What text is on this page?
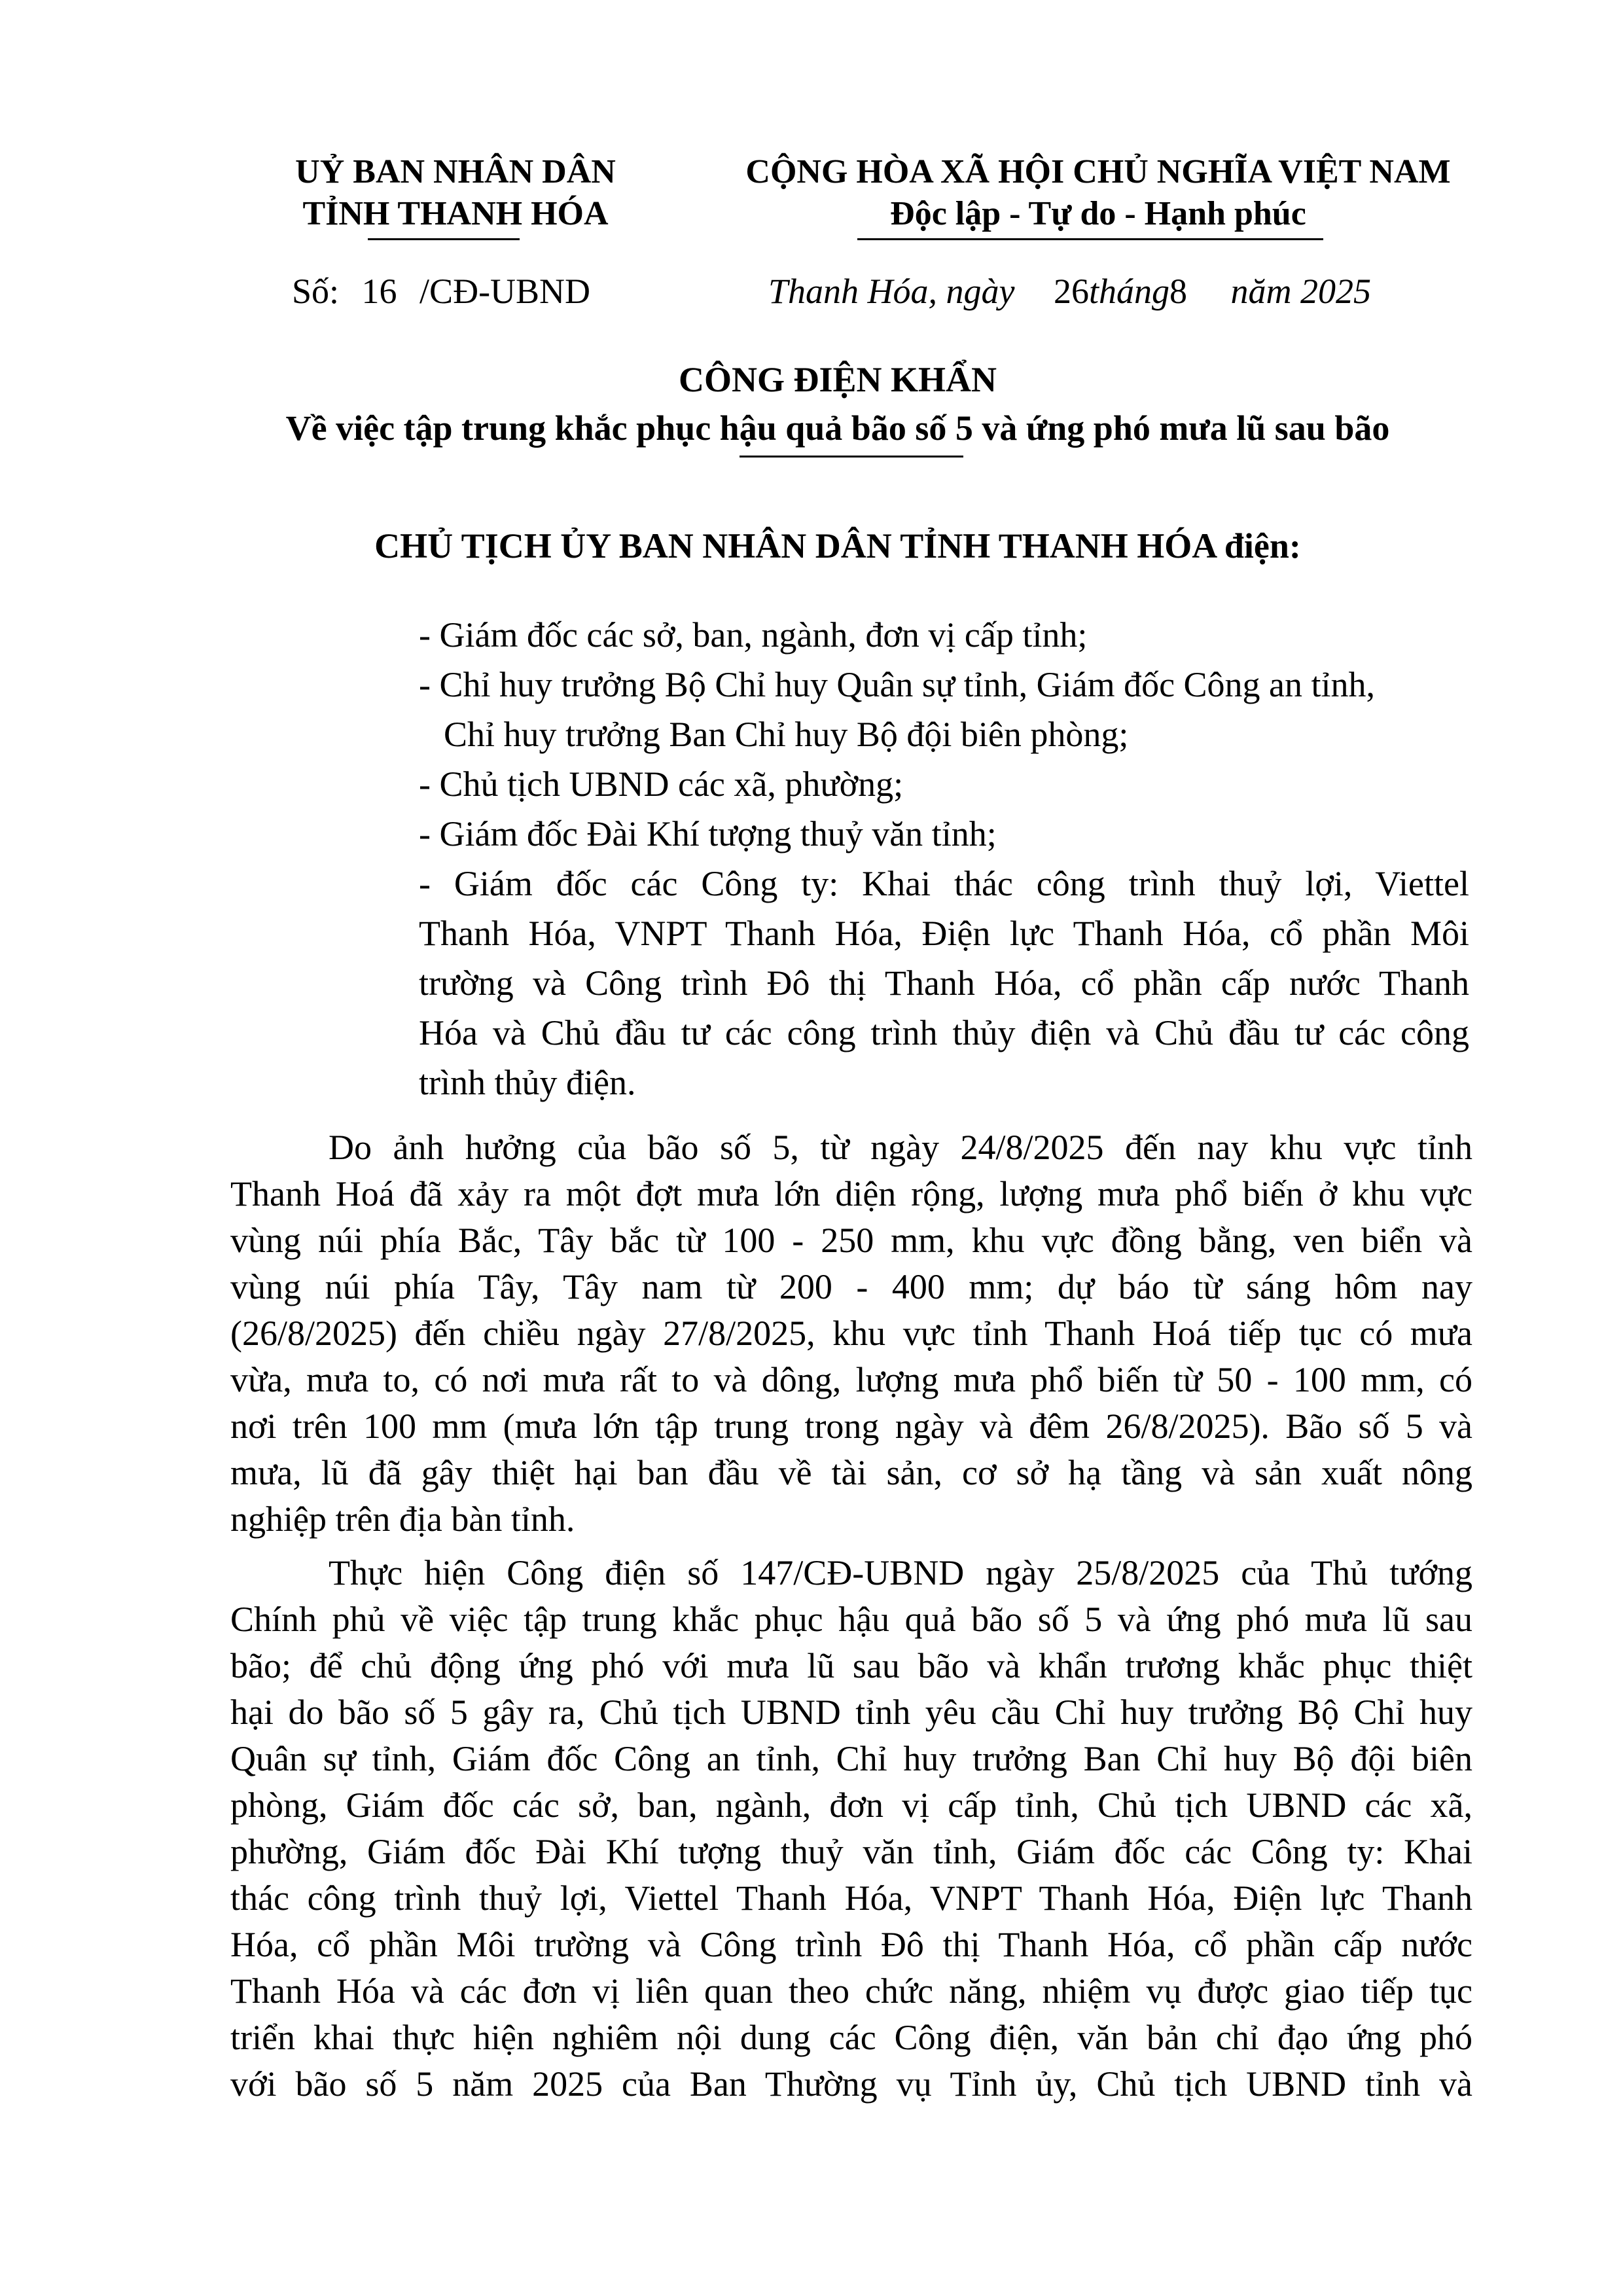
UỶ BAN NHÂN DÂN
TỈNH THANH HÓA
CỘNG HÒA XÃ HỘI CHỦ NGHĨA VIỆT NAM
Độc lập - Tự do - Hạnh phúc
Số: 16 /CĐ-UBND	Thanh Hóa, ngày 26tháng8 năm 2025
CÔNG ĐIỆN KHẨN
Về việc tập trung khắc phục hậu quả bão số 5 và ứng phó mưa lũ sau bão
CHỦ TỊCH ỦY BAN NHÂN DÂN TỈNH THANH HÓA điện:
- Giám đốc các sở, ban, ngành, đơn vị cấp tỉnh;
- Chỉ huy trưởng Bộ Chỉ huy Quân sự tỉnh, Giám đốc Công an tỉnh,
Chỉ huy trưởng Ban Chỉ huy Bộ đội biên phòng;
- Chủ tịch UBND các xã, phường;
- Giám đốc Đài Khí tượng thuỷ văn tỉnh;
- Giám đốc các Công ty: Khai thác công trình thuỷ lợi, Viettel
Thanh Hóa, VNPT Thanh Hóa, Điện lực Thanh Hóa, cổ phần Môi
trường và Công trình Đô thị Thanh Hóa, cổ phần cấp nước Thanh
Hóa và Chủ đầu tư các công trình thủy điện và Chủ đầu tư các công
trình thủy điện.
Do ảnh hưởng của bão số 5, từ ngày 24/8/2025 đến nay khu vực tỉnh
Thanh Hoá đã xảy ra một đợt mưa lớn diện rộng, lượng mưa phổ biến ở khu vực
vùng núi phía Bắc, Tây bắc từ 100 - 250 mm, khu vực đồng bằng, ven biển và
vùng núi phía Tây, Tây nam từ 200 - 400 mm; dự báo từ sáng hôm nay
(26/8/2025) đến chiều ngày 27/8/2025, khu vực tỉnh Thanh Hoá tiếp tục có mưa
vừa, mưa to, có nơi mưa rất to và dông, lượng mưa phổ biến từ 50 - 100 mm, có
nơi trên 100 mm (mưa lớn tập trung trong ngày và đêm 26/8/2025). Bão số 5 và
mưa, lũ đã gây thiệt hại ban đầu về tài sản, cơ sở hạ tầng và sản xuất nông
nghiệp trên địa bàn tỉnh.
Thực hiện Công điện số 147/CĐ-UBND ngày 25/8/2025 của Thủ tướng
Chính phủ về việc tập trung khắc phục hậu quả bão số 5 và ứng phó mưa lũ sau
bão; để chủ động ứng phó với mưa lũ sau bão và khẩn trương khắc phục thiệt
hại do bão số 5 gây ra, Chủ tịch UBND tỉnh yêu cầu Chỉ huy trưởng Bộ Chỉ huy
Quân sự tỉnh, Giám đốc Công an tỉnh, Chỉ huy trưởng Ban Chỉ huy Bộ đội biên
phòng, Giám đốc các sở, ban, ngành, đơn vị cấp tỉnh, Chủ tịch UBND các xã,
phường, Giám đốc Đài Khí tượng thuỷ văn tỉnh, Giám đốc các Công ty: Khai
thác công trình thuỷ lợi, Viettel Thanh Hóa, VNPT Thanh Hóa, Điện lực Thanh
Hóa, cổ phần Môi trường và Công trình Đô thị Thanh Hóa, cổ phần cấp nước
Thanh Hóa và các đơn vị liên quan theo chức năng, nhiệm vụ được giao tiếp tục
triển khai thực hiện nghiêm nội dung các Công điện, văn bản chỉ đạo ứng phó
với bão số 5 năm 2025 của Ban Thường vụ Tỉnh ủy, Chủ tịch UBND tỉnh và
